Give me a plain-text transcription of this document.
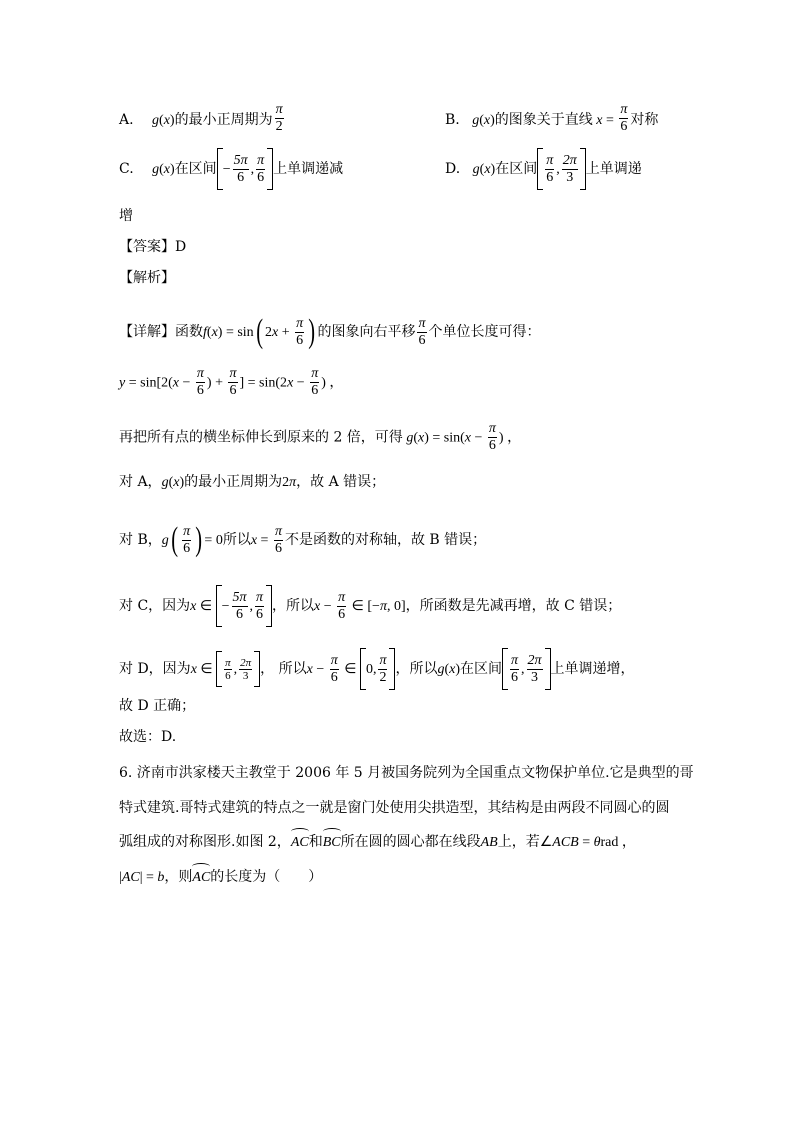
A. g(x)的最小正周期为 $\frac{\pi}{2}$	B. g(x)的图象关于直线 $x = \frac{\pi}{6}$ 对称
C. g(x)在区间 − $\frac{5\pi}{6}$ , $\frac{\pi}{6}$ 上单调递减	D. g(x)在区间 $\frac{\pi}{6}$ , $\frac{2\pi}{3}$ 上单调递
增
【答案】D
【解析】
【详解】函数f(x) = sin( $2x + \frac{\pi}{6}$ ) 的图象向右平移 $\frac{\pi}{6}$ 个单位长度可得：
$y = \sin[2(x - \frac{\pi}{6}$ ) + $\frac{\pi}{6}$ ] = $\sin(2x - \frac{\pi}{6}$ ) ，
再把所有点的横坐标伸长到原来的 2 倍，可得 $g(x) = \sin(x - \frac{\pi}{6}$ ) ，
对 A，g(x)的最小正周期为2π，故 A 错误；
对 B，$g( \frac{\pi}{6}$ ) = 0所以$x = \frac{\pi}{6}$ 不是函数的对称轴，故 B 错误；
对 C，因为x ∈ − $\frac{5\pi}{6}$ , $\frac{\pi}{6}$ ，所以$x - \frac{\pi}{6}$ ∈ [−π, 0]，所函数是先减再增，故 C 错误；
对 D，因为x ∈ $\frac{\pi}{6}$ , $\frac{2\pi}{3}$ ， 所以$x - \frac{\pi}{6}$ ∈ 0, $\frac{\pi}{2}$ ，所以g(x)在区间 $\frac{\pi}{6}$ , $\frac{2\pi}{3}$ 上单调递增，
故 D 正确；
故选：D.
6. 济南市洪家楼天主教堂于 2006 年 5 月被国务院列为全国重点文物保护单位.它是典型的哥
特式建筑.哥特式建筑的特点之一就是窗门处使用尖拱造型，其结构是由两段不同圆心的圆
弧组成的对称图形.如图 2，AC和BC所在圆的圆心都在线段AB上，若∠ACB = θrad ，
|AC| = b，则AC的长度为（　　）
